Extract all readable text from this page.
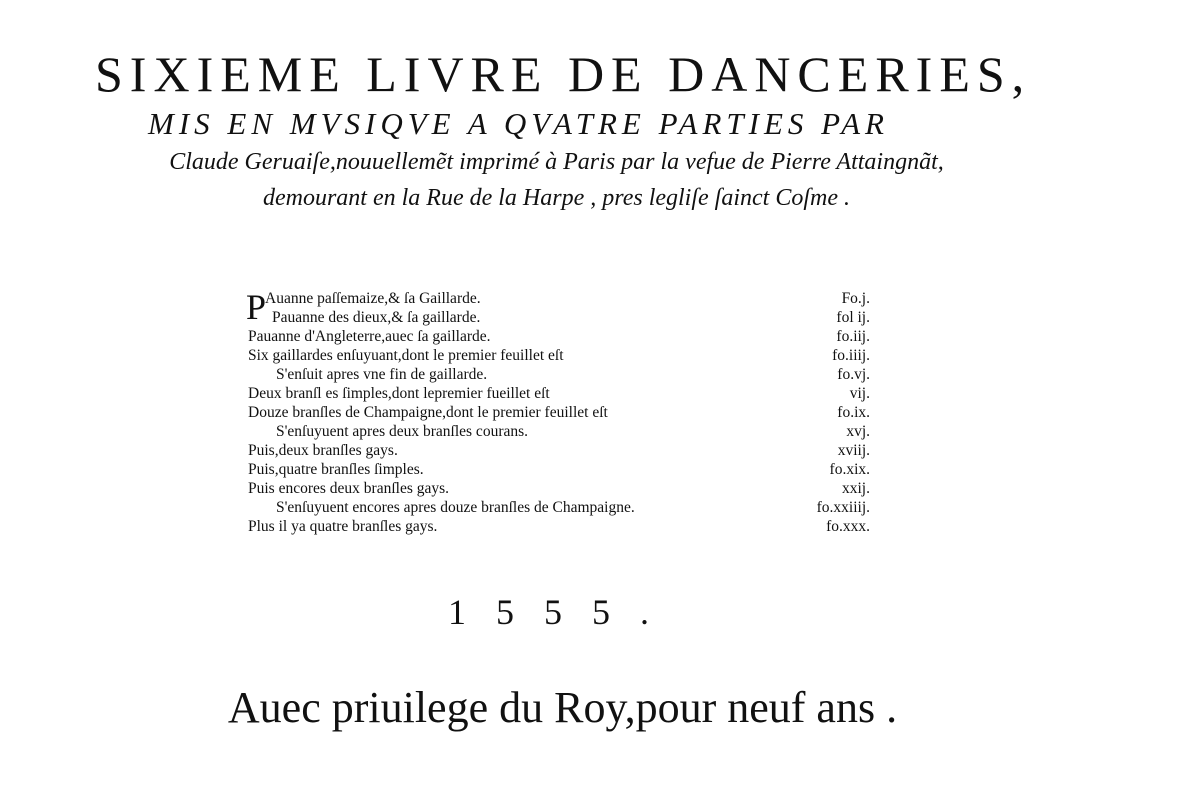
SIXIEME LIVRE DE DANCERIES,
MIS EN MVSIQVE A QVATRE PARTIES PAR
Claude Geruaiſe,nouuellemẽt imprimé à Paris par la vefue de Pierre Attaingnãt,
demourant en la Rue de la Harpe , pres legliſe ſainct Coſme .
P
Auanne paſſemaize,& ſa Gaillarde.	Fo.j.
Pauanne des dieux,& ſa gaillarde.	fol ij.
Pauanne d'Angleterre,auec ſa gaillarde.	fo.iij.
Six gaillardes enſuyuant,dont le premier feuillet eſt	fo.iiij.
S'enſuit apres vne fin de gaillarde.	fo.vj.
Deux branſl es ſimples,dont lepremier fueillet eſt	vij.
Douze branſles de Champaigne,dont le premier feuillet eſt	fo.ix.
S'enſuyuent apres deux branſles courans.	xvj.
Puis,deux branſles gays.	xviij.
Puis,quatre branſles ſimples.	fo.xix.
Puis encores deux branſles gays.	xxij.
S'enſuyuent encores apres douze branſles de Champaigne.	fo.xxiiij.
Plus il ya quatre branſles gays.	fo.xxx.
1555.
Auec priuilege du Roy,pour neuf ans .
